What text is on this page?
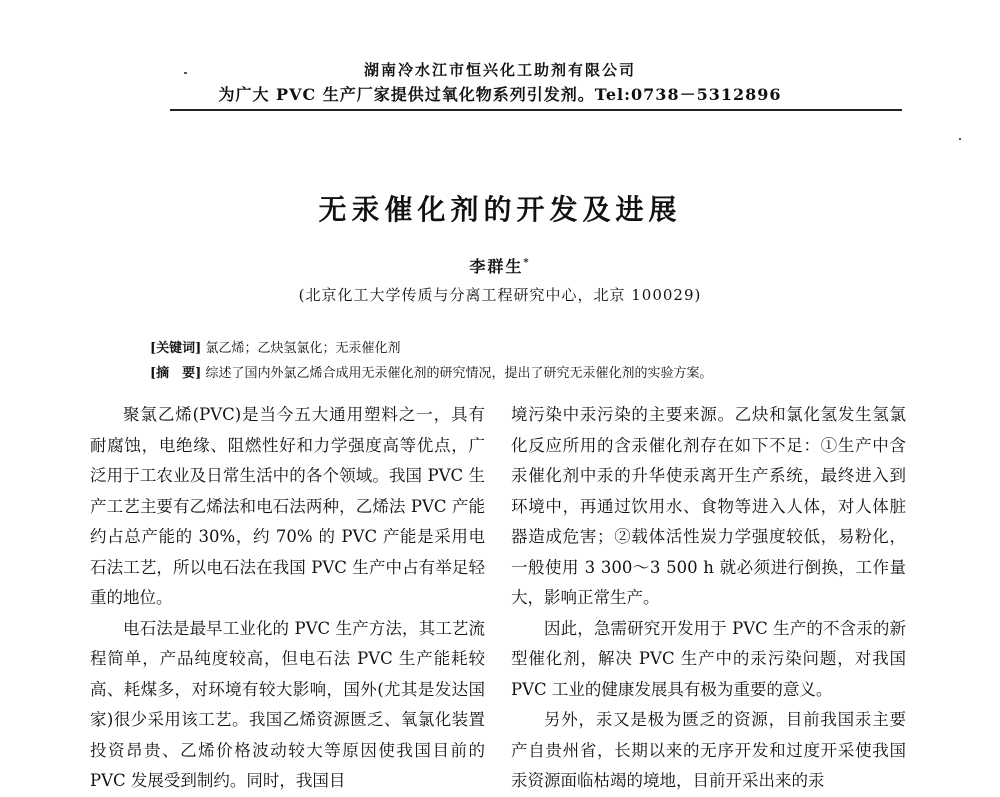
湖南冷水江市恒兴化工助剂有限公司
为广大 PVC 生产厂家提供过氧化物系列引发剂。Tel:0738－5312896
无汞催化剂的开发及进展
李群生*
(北京化工大学传质与分离工程研究中心，北京 100029)
[关键词] 氯乙烯；乙炔氢氯化；无汞催化剂
[摘　要] 综述了国内外氯乙烯合成用无汞催化剂的研究情况，提出了研究无汞催化剂的实验方案。

聚氯乙烯(PVC)是当今五大通用塑料之一，具有耐腐蚀，电绝缘、阻燃性好和力学强度高等优点，广泛用于工农业及日常生活中的各个领域。我国 PVC 生产工艺主要有乙烯法和电石法两种，乙烯法 PVC 产能约占总产能的 30%，约 70% 的 PVC 产能是采用电石法工艺，所以电石法在我国 PVC 生产中占有举足轻重的地位。

电石法是最早工业化的 PVC 生产方法，其工艺流程简单，产品纯度较高，但电石法 PVC 生产能耗较高、耗煤多，对环境有较大影响，国外(尤其是发达国家)很少采用该工艺。我国乙烯资源匮乏、氧氯化装置投资昂贵、乙烯价格波动较大等原因使我国目前的 PVC 发展受到制约。同时，我国目

境污染中汞污染的主要来源。乙炔和氯化氢发生氢氯化反应所用的含汞催化剂存在如下不足：①生产中含汞催化剂中汞的升华使汞离开生产系统，最终进入到环境中，再通过饮用水、食物等进入人体，对人体脏器造成危害；②载体活性炭力学强度较低，易粉化，一般使用 3 300～3 500 h 就必须进行倒换，工作量大，影响正常生产。

因此，急需研究开发用于 PVC 生产的不含汞的新型催化剂，解决 PVC 生产中的汞污染问题，对我国 PVC 工业的健康发展具有极为重要的意义。

另外，汞又是极为匮乏的资源，目前我国汞主要产自贵州省，长期以来的无序开发和过度开采使我国汞资源面临枯竭的境地，目前开采出来的汞
